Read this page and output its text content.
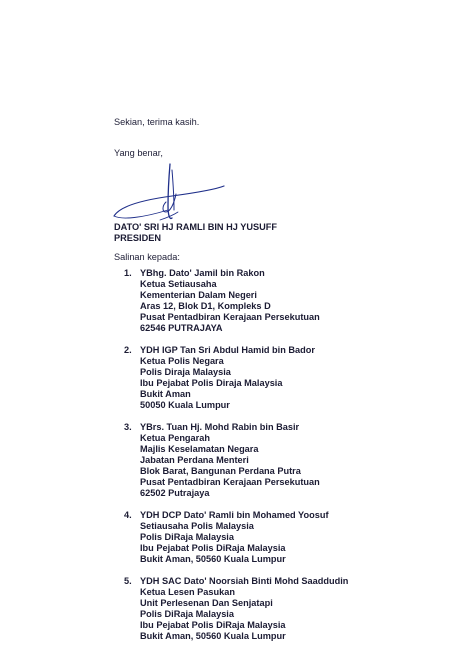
Sekian, terima kasih.
Yang benar,
DATO' SRI HJ RAMLI BIN HJ YUSUFF
PRESIDEN
Salinan kepada:
1. YBhg. Dato' Jamil bin Rakon
Ketua Setiausaha
Kementerian Dalam Negeri
Aras 12, Blok D1, Kompleks D
Pusat Pentadbiran Kerajaan Persekutuan
62546 PUTRAJAYA
2. YDH IGP Tan Sri Abdul Hamid bin Bador
Ketua Polis Negara
Polis Diraja Malaysia
Ibu Pejabat Polis Diraja Malaysia
Bukit Aman
50050 Kuala Lumpur
3. YBrs. Tuan Hj. Mohd Rabin bin Basir
Ketua Pengarah
Majlis Keselamatan Negara
Jabatan Perdana Menteri
Blok Barat, Bangunan Perdana Putra
Pusat Pentadbiran Kerajaan Persekutuan
62502 Putrajaya
4. YDH DCP Dato' Ramli bin Mohamed Yoosuf
Setiausaha Polis Malaysia
Polis DiRaja Malaysia
Ibu Pejabat Polis DiRaja Malaysia
Bukit Aman, 50560 Kuala Lumpur
5. YDH SAC Dato' Noorsiah Binti Mohd Saaddudin
Ketua Lesen Pasukan
Unit Perlesenan Dan Senjatapi
Polis DiRaja Malaysia
Ibu Pejabat Polis DiRaja Malaysia
Bukit Aman, 50560 Kuala Lumpur
